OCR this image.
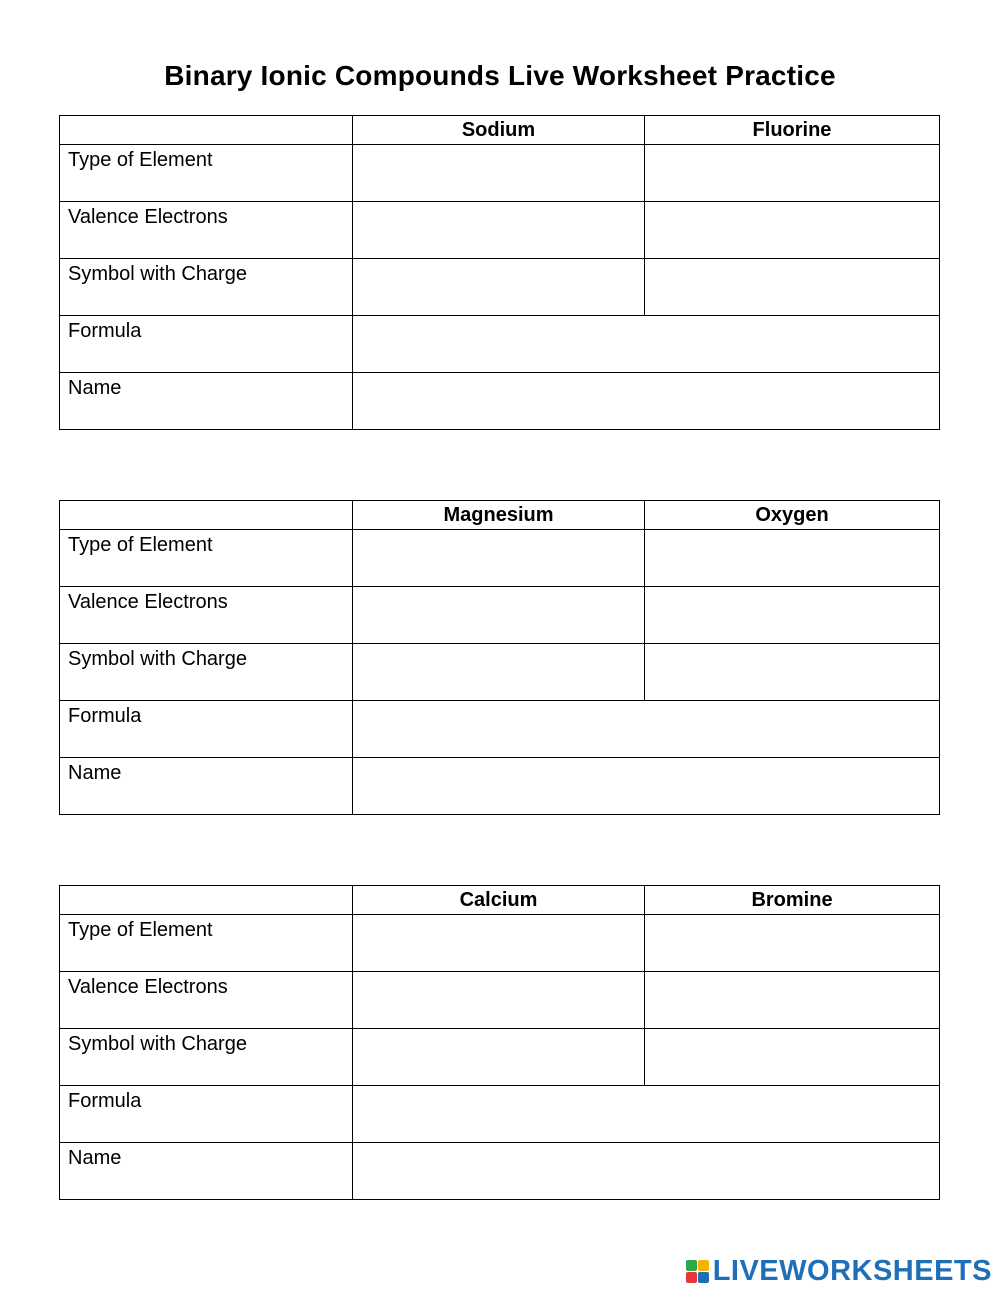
Binary Ionic Compounds Live Worksheet Practice
	Sodium	Fluorine

Type of Element		

Valence Electrons		

Symbol with Charge		

Formula		

Name		

	Magnesium	Oxygen

Type of Element		

Valence Electrons		

Symbol with Charge		

Formula		

Name		

	Calcium	Bromine

Type of Element		

Valence Electrons		

Symbol with Charge		

Formula		

Name		

LIVEWORKSHEETS
